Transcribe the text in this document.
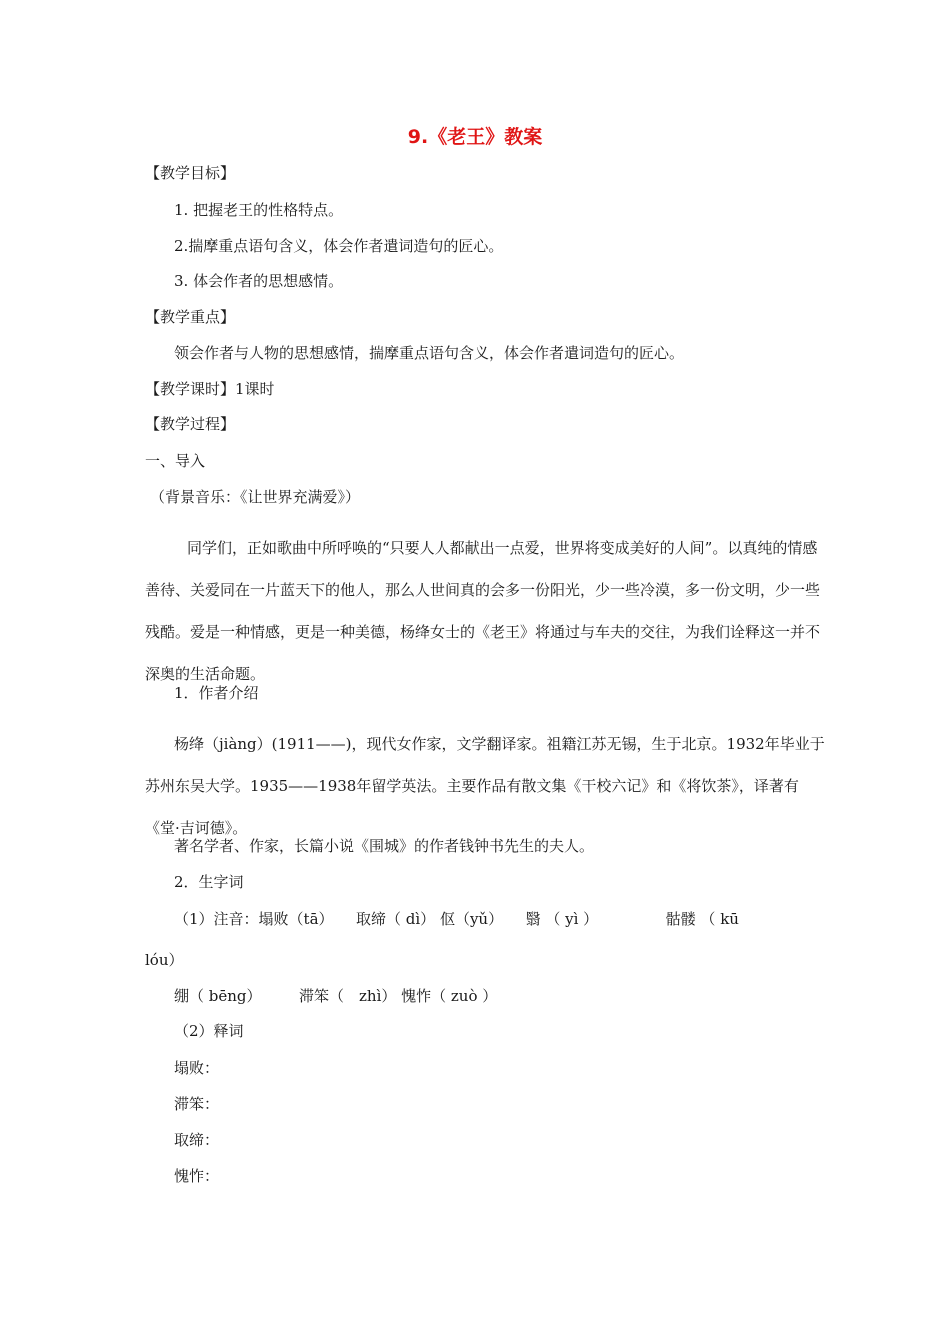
9.《老王》教案

【教学目标】

1. 把握老王的性格特点。

2.揣摩重点语句含义，体会作者遣词造句的匠心。

3. 体会作者的思想感情。

【教学重点】

领会作者与人物的思想感情，揣摩重点语句含义，体会作者遣词造句的匠心。

【教学课时】1课时

【教学过程】

一、导入

（背景音乐：《让世界充满爱》）

同学们，正如歌曲中所呼唤的“只要人人都献出一点爱，世界将变成美好的人间”。以真纯的情感善待、关爱同在一片蓝天下的他人，那么人世间真的会多一份阳光，少一些冷漠，多一份文明，少一些残酷。爱是一种情感，更是一种美德，杨绛女士的《老王》将通过与车夫的交往，为我们诠释这一并不深奥的生活命题。

1．作者介绍

杨绛（jiàng）(1911——)，现代女作家，文学翻译家。祖籍江苏无锡，生于北京。1932年毕业于苏州东吴大学。1935——1938年留学英法。主要作品有散文集《干校六记》和《将饮茶》，译著有《堂·吉诃德》。

著名学者、作家，长篇小说《围城》的作者钱钟书先生的夫人。

2．生字词

（1）注音：塌败（tā）　　取缔（ dì） 伛（yǔ）　　翳 （ yì ）　　　　　骷髅 （ kū

lóu）

绷（ bēng）　　　滞笨（　zhì） 愧怍（ zuò ）

（2）释词

塌败：

滞笨：

取缔：

愧怍：
